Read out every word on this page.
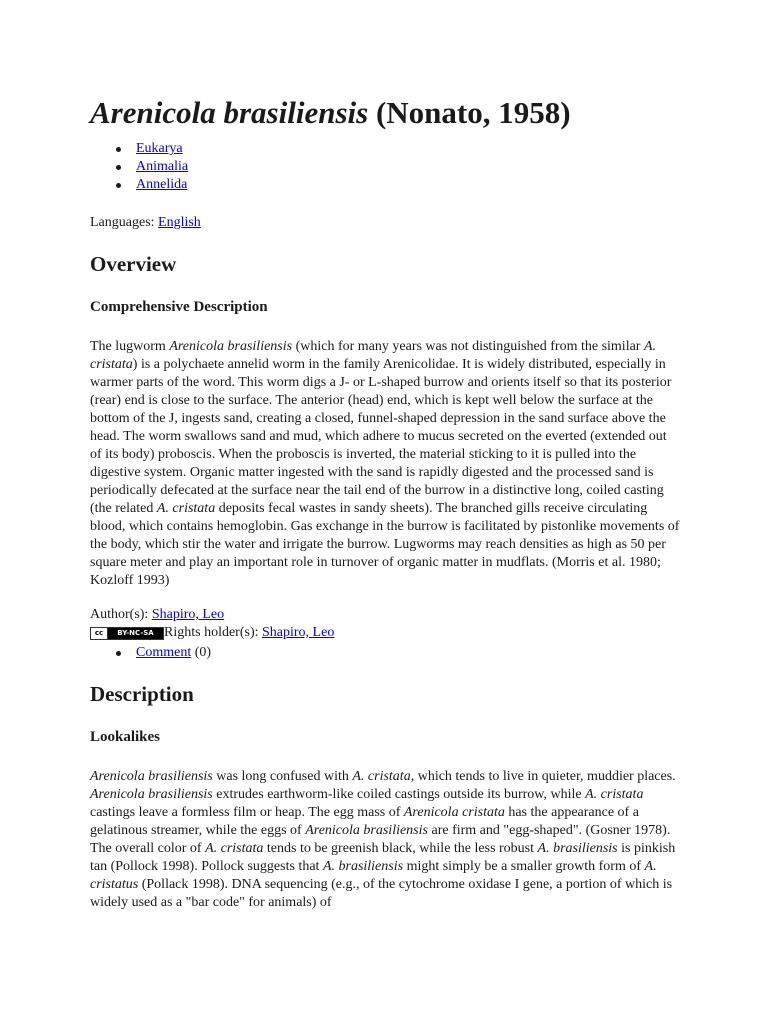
Arenicola brasiliensis (Nonato, 1958)
Eukarya
Animalia
Annelida
Languages: English
Overview
Comprehensive Description

The lugworm Arenicola brasiliensis (which for many years was not distinguished from the similar A. cristata) is a polychaete annelid worm in the family Arenicolidae. It is widely distributed, especially in warmer parts of the word. This worm digs a J- or L-shaped burrow and orients itself so that its posterior (rear) end is close to the surface. The anterior (head) end, which is kept well below the surface at the bottom of the J, ingests sand, creating a closed, funnel-shaped depression in the sand surface above the head. The worm swallows sand and mud, which adhere to mucus secreted on the everted (extended out of its body) proboscis. When the proboscis is inverted, the material sticking to it is pulled into the digestive system. Organic matter ingested with the sand is rapidly digested and the processed sand is periodically defecated at the surface near the tail end of the burrow in a distinctive long, coiled casting (the related A. cristata deposits fecal wastes in sandy sheets). The branched gills receive circulating blood, which contains hemoglobin. Gas exchange in the burrow is facilitated by pistonlike movements of the body, which stir the water and irrigate the burrow. Lugworms may reach densities as high as 50 per square meter and play an important role in turnover of organic matter in mudflats. (Morris et al. 1980; Kozloff 1993)

Author(s): Shapiro, Leo
cc	BY-NC-SA Rights holder(s):
Shapiro, Leo
Comment (0)
Description
Lookalikes

Arenicola brasiliensis was long confused with A. cristata, which tends to live in quieter, muddier places. Arenicola brasiliensis extrudes earthworm-like coiled castings outside its burrow, while A. cristata castings leave a formless film or heap. The egg mass of Arenicola cristata has the appearance of a gelatinous streamer, while the eggs of Arenicola brasiliensis are firm and "egg-shaped". (Gosner 1978). The overall color of A. cristata tends to be greenish black, while the less robust A. brasiliensis is pinkish tan (Pollock 1998). Pollock suggests that A. brasiliensis might simply be a smaller growth form of A. cristatus (Pollack 1998). DNA sequencing (e.g., of the cytochrome oxidase I gene, a portion of which is widely used as a "bar code" for animals) of
